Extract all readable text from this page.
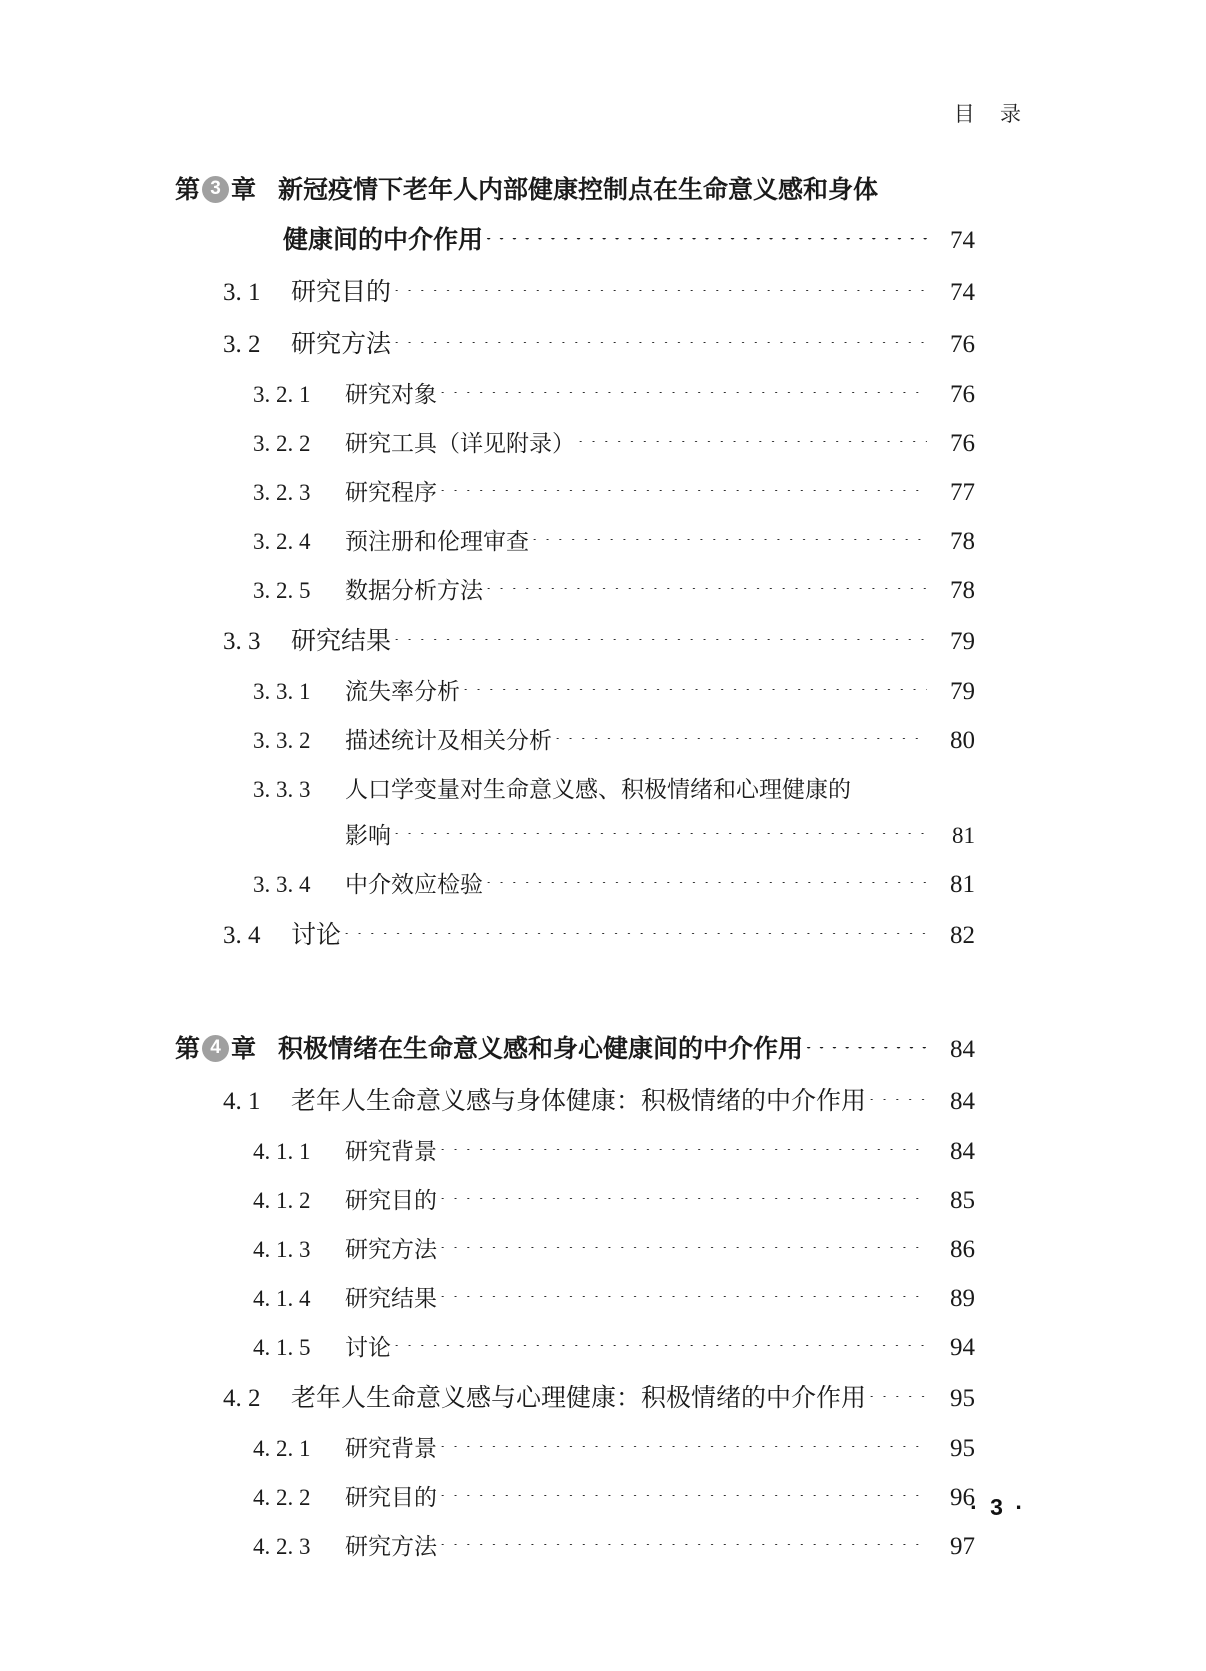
目 录
第 3 章 新冠疫情下老年人内部健康控制点在生命意义感和身体
健康间的中介作用	74
3. 1	研究目的	74
3. 2	研究方法	76
3. 2. 1	研究对象	76
3. 2. 2	研究工具（详见附录）	76
3. 2. 3	研究程序	77
3. 2. 4	预注册和伦理审查	78
3. 2. 5	数据分析方法	78
3. 3	研究结果	79
3. 3. 1	流失率分析	79
3. 3. 2	描述统计及相关分析	80
3. 3. 3	人口学变量对生命意义感、积极情绪和心理健康的
影响	81
3. 3. 4	中介效应检验	81
3. 4	讨论	82
第 4 章 积极情绪在生命意义感和身心健康间的中介作用	84
4. 1	老年人生命意义感与身体健康：积极情绪的中介作用	84
4. 1. 1	研究背景	84
4. 1. 2	研究目的	85
4. 1. 3	研究方法	86
4. 1. 4	研究结果	89
4. 1. 5	讨论	94
4. 2	老年人生命意义感与心理健康：积极情绪的中介作用	95
4. 2. 1	研究背景	95
4. 2. 2	研究目的	96
4. 2. 3	研究方法	97
· 3 ·
